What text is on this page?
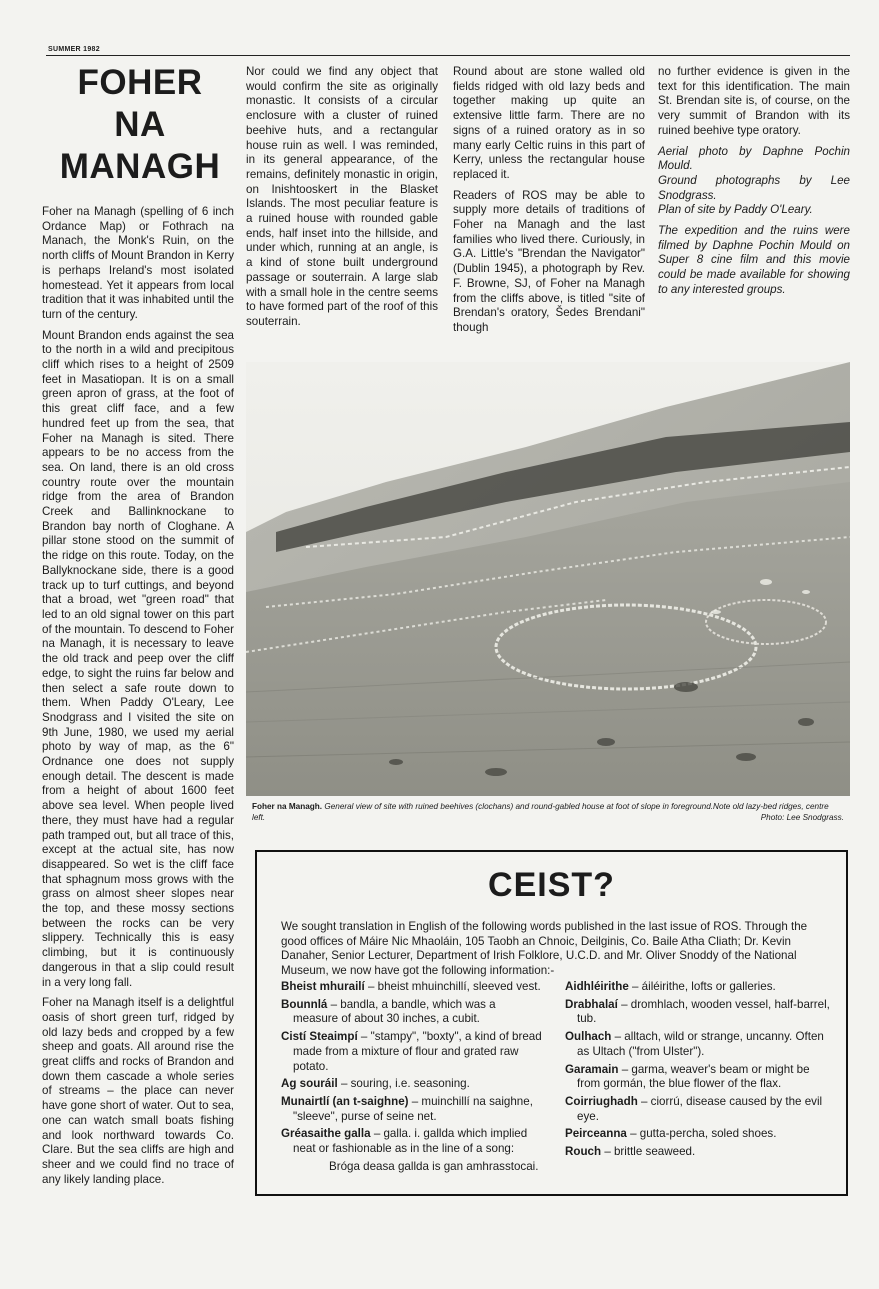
SUMMER 1982
FOHER
NA
MANAGH

Foher na Managh (spelling of 6 inch Ordance Map) or Fothrach na Manach, the Monk's Ruin, on the north cliffs of Mount Brandon in Kerry is perhaps Ireland's most isolated homestead. Yet it appears from local tradition that it was inhabited until the turn of the century.

Mount Brandon ends against the sea to the north in a wild and precipitous cliff which rises to a height of 2509 feet in Masatiopan. It is on a small green apron of grass, at the foot of this great cliff face, and a few hundred feet up from the sea, that Foher na Managh is sited. There appears to be no access from the sea. On land, there is an old cross country route over the mountain ridge from the area of Brandon Creek and Ballinknockane to Brandon bay north of Cloghane. A pillar stone stood on the summit of the ridge on this route. Today, on the Ballyknockane side, there is a good track up to turf cuttings, and beyond that a broad, wet "green road" that led to an old signal tower on this part of the mountain. To descend to Foher na Managh, it is necessary to leave the old track and peep over the cliff edge, to sight the ruins far below and then select a safe route down to them. When Paddy O'Leary, Lee Snodgrass and I visited the site on 9th June, 1980, we used my aerial photo by way of map, as the 6" Ordnance one does not supply enough detail. The descent is made from a height of about 1600 feet above sea level. When people lived there, they must have had a regular path tramped out, but all trace of this, except at the actual site, has now disappeared. So wet is the cliff face that sphagnum moss grows with the grass on almost sheer slopes near the top, and these mossy sections between the rocks can be very slippery. Technically this is easy climbing, but it is continuously dangerous in that a slip could result in a very long fall.

Foher na Managh itself is a delightful oasis of short green turf, ridged by old lazy beds and cropped by a few sheep and goats. All around rise the great cliffs and rocks of Brandon and down them cascade a whole series of streams – the place can never have gone short of water. Out to sea, one can watch small boats fishing and look northward towards Co. Clare. But the sea cliffs are high and sheer and we could find no trace of any likely landing place.

Nor could we find any object that would confirm the site as originally monastic. It consists of a circular enclosure with a cluster of ruined beehive huts, and a rectangular house ruin as well. I was reminded, in its general appearance, of the remains, definitely monastic in origin, on Inishtooskert in the Blasket Islands. The most peculiar feature is a ruined house with rounded gable ends, half inset into the hillside, and under which, running at an angle, is a kind of stone built underground passage or souterrain. A large slab with a small hole in the centre seems to have formed part of the roof of this souterrain.

Round about are stone walled old fields ridged with old lazy beds and together making up quite an extensive little farm. There are no signs of a ruined oratory as in so many early Celtic ruins in this part of Kerry, unless the rectangular house replaced it.

Readers of ROS may be able to supply more details of traditions of Foher na Managh and the last families who lived there. Curiously, in G.A. Little's "Brendan the Navigator" (Dublin 1945), a photograph by Rev. F. Browne, SJ, of Foher na Managh from the cliffs above, is titled "site of Brendan's oratory, Šedes Brendani" though

no further evidence is given in the text for this identification. The main St. Brendan site is, of course, on the very summit of Brandon with its ruined beehive type oratory.

Aerial photo by Daphne Pochin Mould.
Ground photographs by Lee Snodgrass.
Plan of site by Paddy O'Leary.

The expedition and the ruins were filmed by Daphne Pochin Mould on Super 8 cine film and this movie could be made available for showing to any interested groups.

Foher na Managh. General view of site with ruined beehives (clochans) and round-gabled house at foot of slope in foreground.Note old lazy-bed ridges, centre left.	Photo: Lee Snodgrass.
CEIST?
We sought translation in English of the following words published in the last issue of ROS. Through the good offices of Máire Nic Mhaoláin, 105 Taobh an Chnoic, Deilginis, Co. Baile Atha Cliath; Dr. Kevin Danaher, Senior Lecturer, Department of Irish Folklore, U.C.D. and Mr. Oliver Snoddy of the National Museum, we now have got the following information:-
Bheist mhurailí – bheist mhuinchillí, sleeved vest.
Bounnlá – bandla, a bandle, which was a measure of about 30 inches, a cubit.
Cistí Steaimpí – "stampy", "boxty", a kind of bread made from a mixture of flour and grated raw potato.
Ag souráil – souring, i.e. seasoning.
Munairtlí (an t-saighne) – muinchillí na saighne, "sleeve", purse of seine net.
Gréasaithe galla – galla. i. gallda which implied neat or fashionable as in the line of a song:
Bróga deasa gallda is gan amhrasstocai.
Aidhléirithe – áiléirithe, lofts or galleries.
Drabhalaí – dromhlach, wooden vessel, half-barrel, tub.
Oulhach – alltach, wild or strange, uncanny. Often as Ultach ("from Ulster").
Garamain – garma, weaver's beam or might be from gormán, the blue flower of the flax.
Coirriughadh – ciorrú, disease caused by the evil eye.
Peirceanna – gutta-percha, soled shoes.
Rouch – brittle seaweed.
